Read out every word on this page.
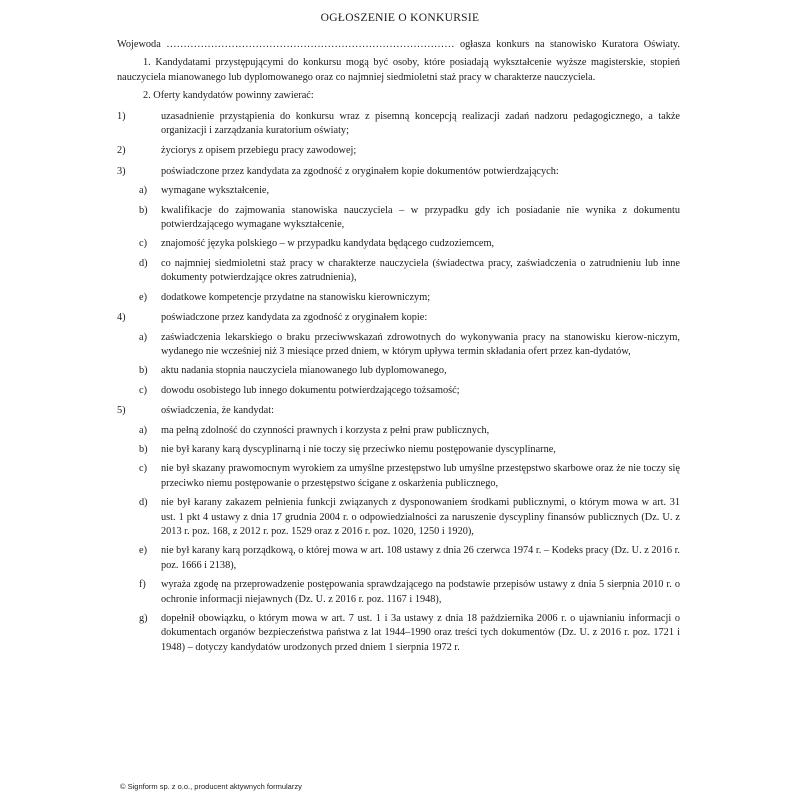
OGŁOSZENIE O KONKURSIE

Wojewoda ………………………………………………………………………… ogłasza konkurs na stanowisko Kuratora Oświaty.

1. Kandydatami przystępującymi do konkursu mogą być osoby, które posiadają wykształcenie wyższe magisterskie, stopień nauczyciela mianowanego lub dyplomowanego oraz co najmniej siedmioletni staż pracy w charakterze nauczyciela.

2. Oferty kandydatów powinny zawierać:

1)	uzasadnienie przystąpienia do konkursu wraz z pisemną koncepcją realizacji zadań nadzoru pedagogicznego, a także organizacji i zarządzania kuratorium oświaty;
2)	życiorys z opisem przebiegu pracy zawodowej;
3)	poświadczone przez kandydata za zgodność z oryginałem kopie dokumentów potwierdzających:
a) wymagane wykształcenie,
b) kwalifikacje do zajmowania stanowiska nauczyciela – w przypadku gdy ich posiadanie nie wynika z dokumentu potwierdzającego wymagane wykształcenie,
c) znajomość języka polskiego – w przypadku kandydata będącego cudzoziemcem,
d) co najmniej siedmioletni staż pracy w charakterze nauczyciela (świadectwa pracy, zaświadczenia o zatrudnieniu lub inne dokumenty potwierdzające okres zatrudnienia),
e) dodatkowe kompetencje przydatne na stanowisku kierowniczym;
4)	poświadczone przez kandydata za zgodność z oryginałem kopie:
a) zaświadczenia lekarskiego o braku przeciwwskazań zdrowotnych do wykonywania pracy na stanowisku kierow-niczym, wydanego nie wcześniej niż 3 miesiące przed dniem, w którym upływa termin składania ofert przez kan-dydatów,
b) aktu nadania stopnia nauczyciela mianowanego lub dyplomowanego,
c) dowodu osobistego lub innego dokumentu potwierdzającego tożsamość;
5)	oświadczenia, że kandydat:
a) ma pełną zdolność do czynności prawnych i korzysta z pełni praw publicznych,
b) nie był karany karą dyscyplinarną i nie toczy się przeciwko niemu postępowanie dyscyplinarne,
c) nie był skazany prawomocnym wyrokiem za umyślne przestępstwo lub umyślne przestępstwo skarbowe oraz że nie toczy się przeciwko niemu postępowanie o przestępstwo ścigane z oskarżenia publicznego,
d) nie był karany zakazem pełnienia funkcji związanych z dysponowaniem środkami publicznymi, o którym mowa w art. 31 ust. 1 pkt 4 ustawy z dnia 17 grudnia 2004 r. o odpowiedzialności za naruszenie dyscypliny finansów publicznych (Dz. U. z 2013 r. poz. 168, z 2012 r. poz. 1529 oraz z 2016 r. poz. 1020, 1250 i 1920),
e) nie był karany karą porządkową, o której mowa w art. 108 ustawy z dnia 26 czerwca 1974 r. – Kodeks pracy (Dz. U. z 2016 r. poz. 1666 i 2138),
f) wyraża zgodę na przeprowadzenie postępowania sprawdzającego na podstawie przepisów ustawy z dnia 5 sierpnia 2010 r. o ochronie informacji niejawnych (Dz. U. z 2016 r. poz. 1167 i 1948),
g) dopełnił obowiązku, o którym mowa w art. 7 ust. 1 i 3a ustawy z dnia 18 października 2006 r. o ujawnianiu informacji o dokumentach organów bezpieczeństwa państwa z lat 1944–1990 oraz treści tych dokumentów (Dz. U. z 2016 r. poz. 1721 i 1948) – dotyczy kandydatów urodzonych przed dniem 1 sierpnia 1972 r.
© Signform sp. z o.o., producent aktywnych formularzy
